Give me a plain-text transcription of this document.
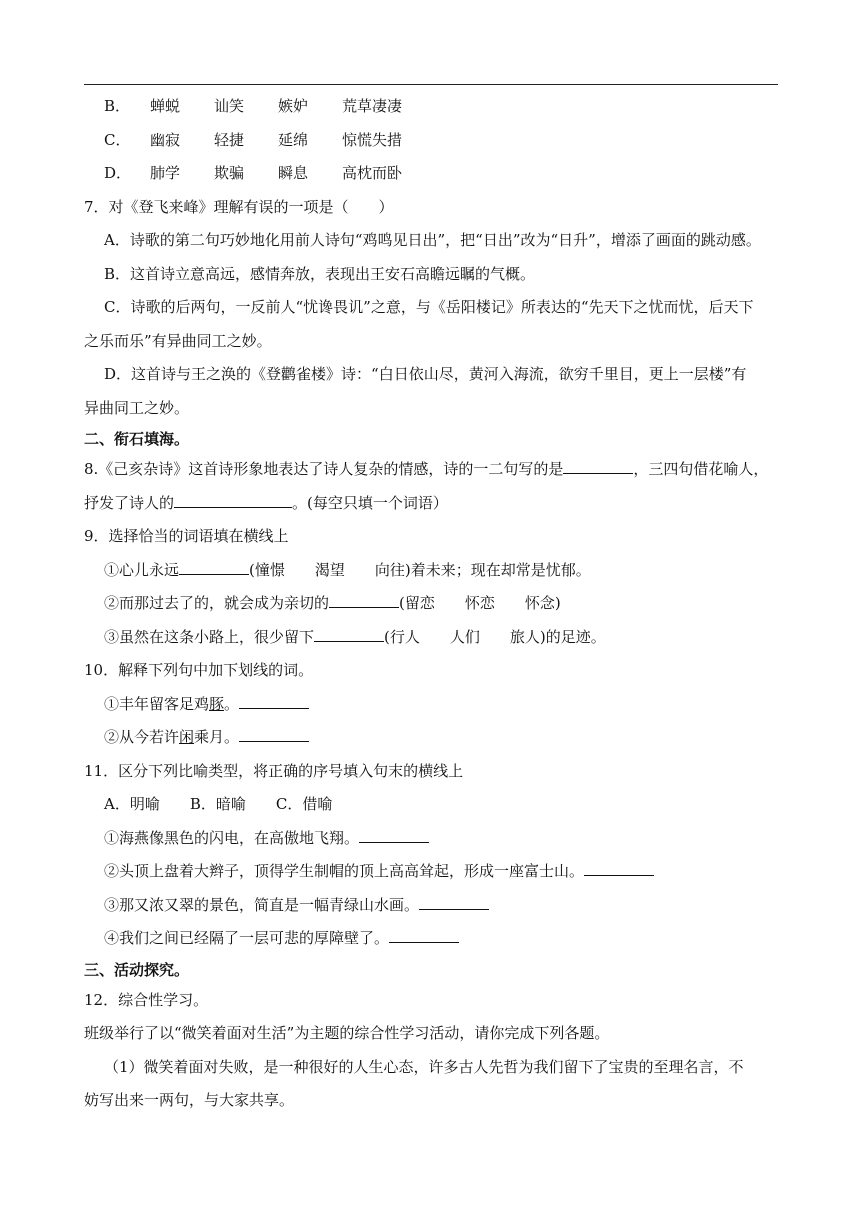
B． 蝉蜕 讪笑 嫉妒 荒草凄凄
C． 幽寂 轻捷 延绵 惊慌失措
D． 肺学 欺骗 瞬息 高枕而卧
7．对《登飞来峰》理解有误的一项是（　　）
A．诗歌的第二句巧妙地化用前人诗句“鸡鸣见日出”，把“日出”改为“日升”，增添了画面的跳动感。
B．这首诗立意高远，感情奔放，表现出王安石高瞻远瞩的气概。
C．诗歌的后两句，一反前人“忧谗畏讥”之意，与《岳阳楼记》所表达的“先天下之忧而忧，后天下
之乐而乐”有异曲同工之妙。
D．这首诗与王之涣的《登鹳雀楼》诗：“白日依山尽，黄河入海流，欲穷千里目，更上一层楼”有
异曲同工之妙。
二、衔石填海。
8.《己亥杂诗》这首诗形象地表达了诗人复杂的情感，诗的一二句写的是	，三四句借花喻人，
抒发了诗人的	。(每空只填一个词语）
9．选择恰当的词语填在横线上
①心儿永远	(憧憬　　渴望　　向往)着未来；现在却常是忧郁。
②而那过去了的，就会成为亲切的	(留恋　　怀恋　　怀念)
③虽然在这条小路上，很少留下	(行人　　人们　　旅人)的足迹。
10．解释下列句中加下划线的词。
①丰年留客足鸡豚。
②从今若许闲乘月。
11．区分下列比喻类型，将正确的序号填入句末的横线上
A．明喻　　B．暗喻　　C．借喻
①海燕像黑色的闪电，在高傲地飞翔。
②头顶上盘着大辫子，顶得学生制帽的顶上高高耸起，形成一座富士山。
③那又浓又翠的景色，简直是一幅青绿山水画。
④我们之间已经隔了一层可悲的厚障壁了。
三、活动探究。
12．综合性学习。
班级举行了以“微笑着面对生活”为主题的综合性学习活动，请你完成下列各题。
（1）微笑着面对失败，是一种很好的人生心态，许多古人先哲为我们留下了宝贵的至理名言，不
妨写出来一两句，与大家共享。
